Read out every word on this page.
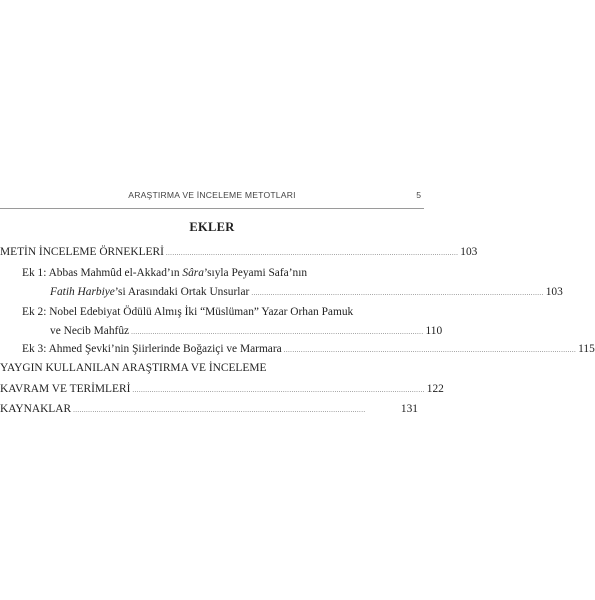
ARAŞTIRMA VE İNCELEME METOTLARI	5
EKLER
METİN İNCELEME ÖRNEKLERİ ........................................................................................................................................ 103
Ek 1: Abbas Mahmûd el-Akkad’ın Sâra’sıyla Peyami Safa’nın
Fatih Harbiye’si Arasındaki Ortak Unsurlar ........................................................................................................................................ 103
Ek 2: Nobel Edebiyat Ödülü Almış İki “Müslüman” Yazar Orhan Pamuk
ve Necib Mahfûz ........................................................................................................................................ 110
Ek 3: Ahmed Şevki’nin Şiirlerinde Boğaziçi ve Marmara ........................................................................................................................................ 115
YAYGIN KULLANILAN ARAŞTIRMA VE İNCELEME
KAVRAM VE TERİMLERİ ........................................................................................................................................ 122
KAYNAKLAR ........................................................................................................................................	131
